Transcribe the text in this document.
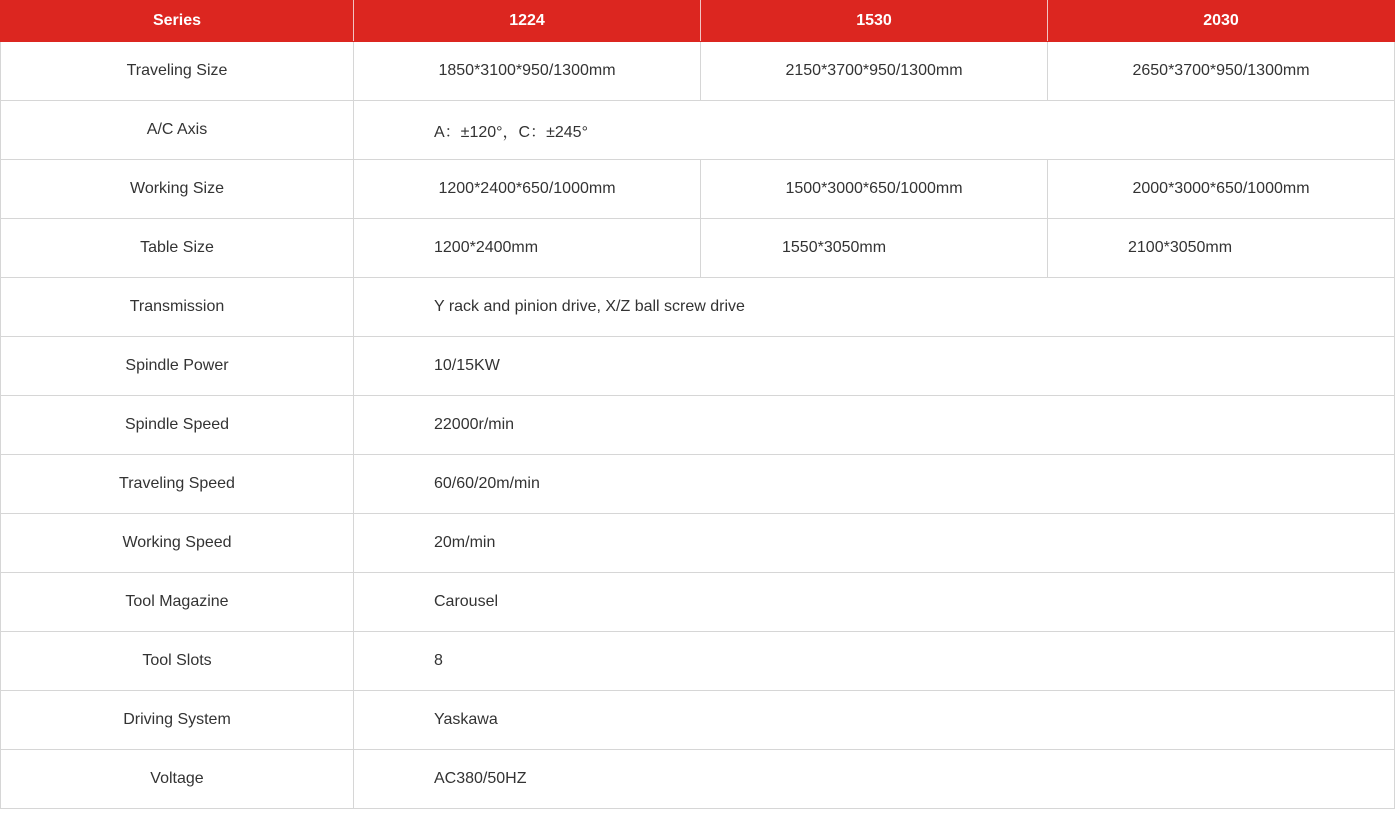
Series	1224	1530	2030
Traveling Size	1850*3100*950/1300mm	2150*3700*950/1300mm	2650*3700*950/1300mm
A/C Axis	A：±120°，C：±245°		
Working Size	1200*2400*650/1000mm	1500*3000*650/1000mm	2000*3000*650/1000mm
Table Size	1200*2400mm	1550*3050mm	2100*3050mm
Transmission	Y rack and pinion drive, X/Z ball screw drive		
Spindle Power	10/15KW		
Spindle Speed	22000r/min		
Traveling Speed	60/60/20m/min		
Working Speed	20m/min		
Tool Magazine	Carousel		
Tool Slots	8		
Driving System	Yaskawa		
Voltage	AC380/50HZ		
